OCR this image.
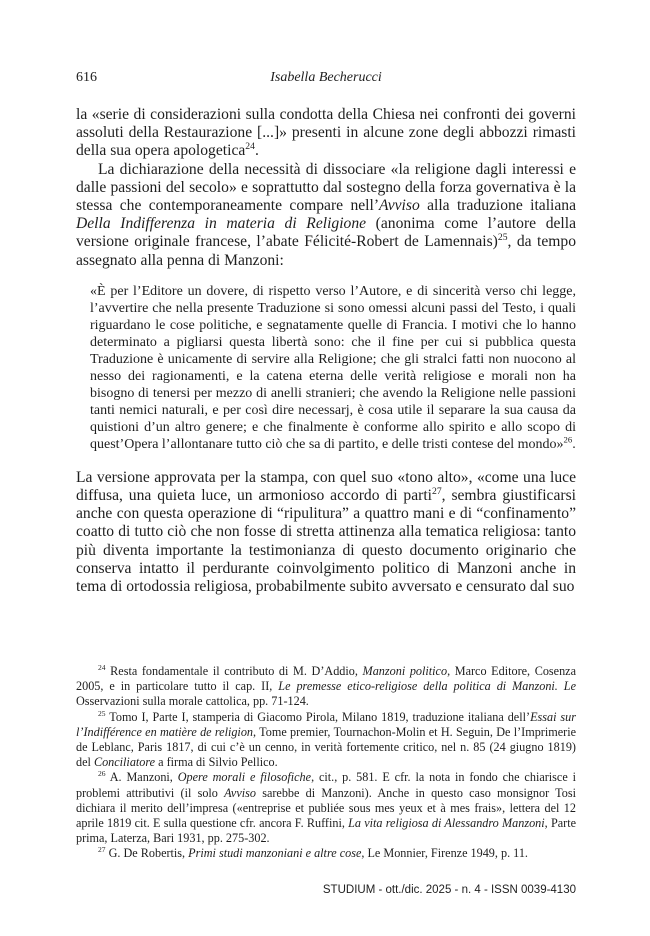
616	Isabella Becherucci

la «serie di considerazioni sulla condotta della Chiesa nei confronti dei governi assoluti della Restaurazione [...]» presenti in alcune zone degli abbozzi rimasti della sua opera apologetica$^{24}$.

La dichiarazione della necessità di dissociare «la religione dagli interessi e dalle passioni del secolo» e soprattutto dal sostegno della forza governativa è la stessa che contemporaneamente compare nell’Avviso alla traduzione italiana Della Indifferenza in materia di Religione (anonima come l’autore della versione originale francese, l’abate Félicité-Robert de Lamennais)$^{25}$, da tempo assegnato alla penna di Manzoni:

«È per l’Editore un dovere, di rispetto verso l’Autore, e di sincerità verso chi legge, l’avvertire che nella presente Traduzione si sono omessi alcuni passi del Testo, i quali riguardano le cose politiche, e segnatamente quelle di Francia. I motivi che lo hanno determinato a pigliarsi questa libertà sono: che il fine per cui si pubblica questa Traduzione è unicamente di servire alla Religione; che gli stralci fatti non nuocono al nesso dei ragionamenti, e la catena eterna delle verità religiose e morali non ha bisogno di tenersi per mezzo di anelli stranieri; che avendo la Religione nelle passioni tanti nemici naturali, e per così dire necessarj, è cosa utile il separare la sua causa da quistioni d’un altro genere; e che finalmente è conforme allo spirito e allo scopo di quest’Opera l’allontanare tutto ciò che sa di partito, e delle tristi contese del mondo»$^{26}$.

La versione approvata per la stampa, con quel suo «tono alto», «come una luce diffusa, una quieta luce, un armonioso accordo di parti$^{27}$, sembra giustificarsi anche con questa operazione di “ripulitura” a quattro mani e di “confinamento” coatto di tutto ciò che non fosse di stretta attinenza alla tematica religiosa: tanto più diventa importante la testimonianza di questo documento originario che conserva intatto il perdurante coinvolgimento politico di Manzoni anche in tema di ortodossia religiosa, probabilmente subito avversato e censurato dal suo

$^{24}$ Resta fondamentale il contributo di M. D’Addio, Manzoni politico, Marco Editore, Cosenza 2005, e in particolare tutto il cap. II, Le premesse etico-religiose della politica di Manzoni. Le Osservazioni sulla morale cattolica, pp. 71-124.

$^{25}$ Tomo I, Parte I, stamperia di Giacomo Pirola, Milano 1819, traduzione italiana dell’Essai sur l’Indifférence en matière de religion, Tome premier, Tournachon-Molin et H. Seguin, De l’Imprimerie de Leblanc, Paris 1817, di cui c’è un cenno, in verità fortemente critico, nel n. 85 (24 giugno 1819) del Conciliatore a firma di Silvio Pellico.

$^{26}$ A. Manzoni, Opere morali e filosofiche, cit., p. 581. E cfr. la nota in fondo che chiarisce i problemi attributivi (il solo Avviso sarebbe di Manzoni). Anche in questo caso monsignor Tosi dichiara il merito dell’impresa («entreprise et publiée sous mes yeux et à mes frais», lettera del 12 aprile 1819 cit. E sulla questione cfr. ancora F. Ruffini, La vita religiosa di Alessandro Manzoni, Parte prima, Laterza, Bari 1931, pp. 275-302.

$^{27}$ G. De Robertis, Primi studi manzoniani e altre cose, Le Monnier, Firenze 1949, p. 11.

STUDIUM - ott./dic. 2025 - n. 4 - ISSN 0039-4130
